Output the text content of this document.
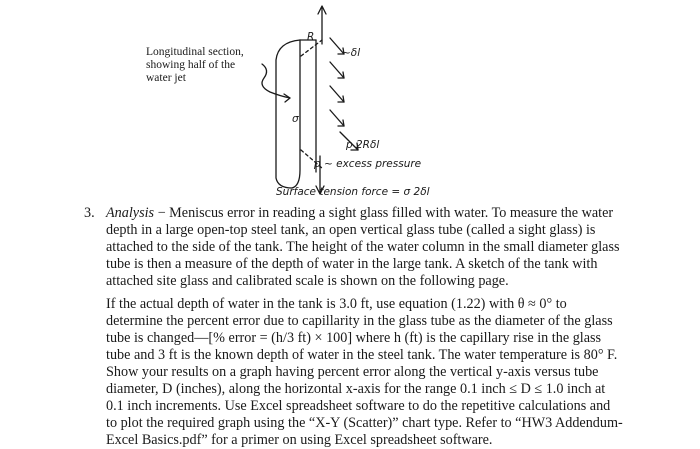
R
~δl
σ
p 2Rδl
p ~ excess pressure
Surface tension force = σ 2δl
Longitudinal section,
showing half of the
water jet
3. Analysis − Meniscus error in reading a sight glass filled with water. To measure the water depth in a large open-top steel tank, an open vertical glass tube (called a sight glass) is attached to the side of the tank. The height of the water column in the small diameter glass tube is then a measure of the depth of water in the large tank. A sketch of the tank with attached site glass and calibrated scale is shown on the following page.

If the actual depth of water in the tank is 3.0 ft, use equation (1.22) with θ ≈ 0° to determine the percent error due to capillarity in the glass tube as the diameter of the glass tube is changed—[% error = (h/3 ft) × 100] where h (ft) is the capillary rise in the glass tube and 3 ft is the known depth of water in the steel tank. The water temperature is 80° F. Show your results on a graph having percent error along the vertical y-axis versus tube diameter, D (inches), along the horizontal x-axis for the range 0.1 inch ≤ D ≤ 1.0 inch at 0.1 inch increments. Use Excel spreadsheet software to do the repetitive calculations and to plot the required graph using the “X-Y (Scatter)” chart type. Refer to “HW3 Addendum-Excel Basics.pdf” for a primer on using Excel spreadsheet software.
